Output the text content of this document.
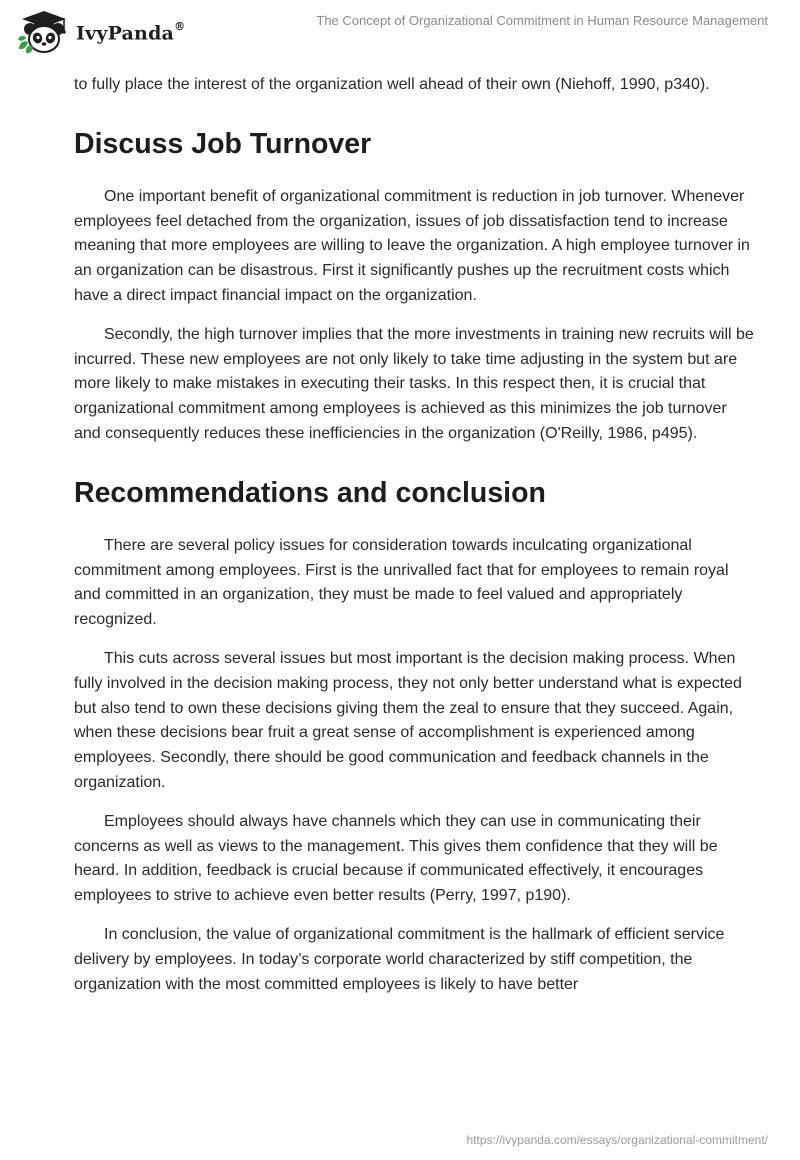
IvyPanda®	The Concept of Organizational Commitment in Human Resource Management

to fully place the interest of the organization well ahead of their own (Niehoff, 1990, p340).

Discuss Job Turnover

One important benefit of organizational commitment is reduction in job turnover. Whenever employees feel detached from the organization, issues of job dissatisfaction tend to increase meaning that more employees are willing to leave the organization. A high employee turnover in an organization can be disastrous. First it significantly pushes up the recruitment costs which have a direct impact financial impact on the organization.

Secondly, the high turnover implies that the more investments in training new recruits will be incurred. These new employees are not only likely to take time adjusting in the system but are more likely to make mistakes in executing their tasks. In this respect then, it is crucial that organizational commitment among employees is achieved as this minimizes the job turnover and consequently reduces these inefficiencies in the organization (O'Reilly, 1986, p495).

Recommendations and conclusion

There are several policy issues for consideration towards inculcating organizational commitment among employees. First is the unrivalled fact that for employees to remain royal and committed in an organization, they must be made to feel valued and appropriately recognized.

This cuts across several issues but most important is the decision making process. When fully involved in the decision making process, they not only better understand what is expected but also tend to own these decisions giving them the zeal to ensure that they succeed. Again, when these decisions bear fruit a great sense of accomplishment is experienced among employees. Secondly, there should be good communication and feedback channels in the organization.

Employees should always have channels which they can use in communicating their concerns as well as views to the management. This gives them confidence that they will be heard. In addition, feedback is crucial because if communicated effectively, it encourages employees to strive to achieve even better results (Perry, 1997, p190).

In conclusion, the value of organizational commitment is the hallmark of efficient service delivery by employees. In today’s corporate world characterized by stiff competition, the organization with the most committed employees is likely to have better

https://ivypanda.com/essays/organizational-commitment/
